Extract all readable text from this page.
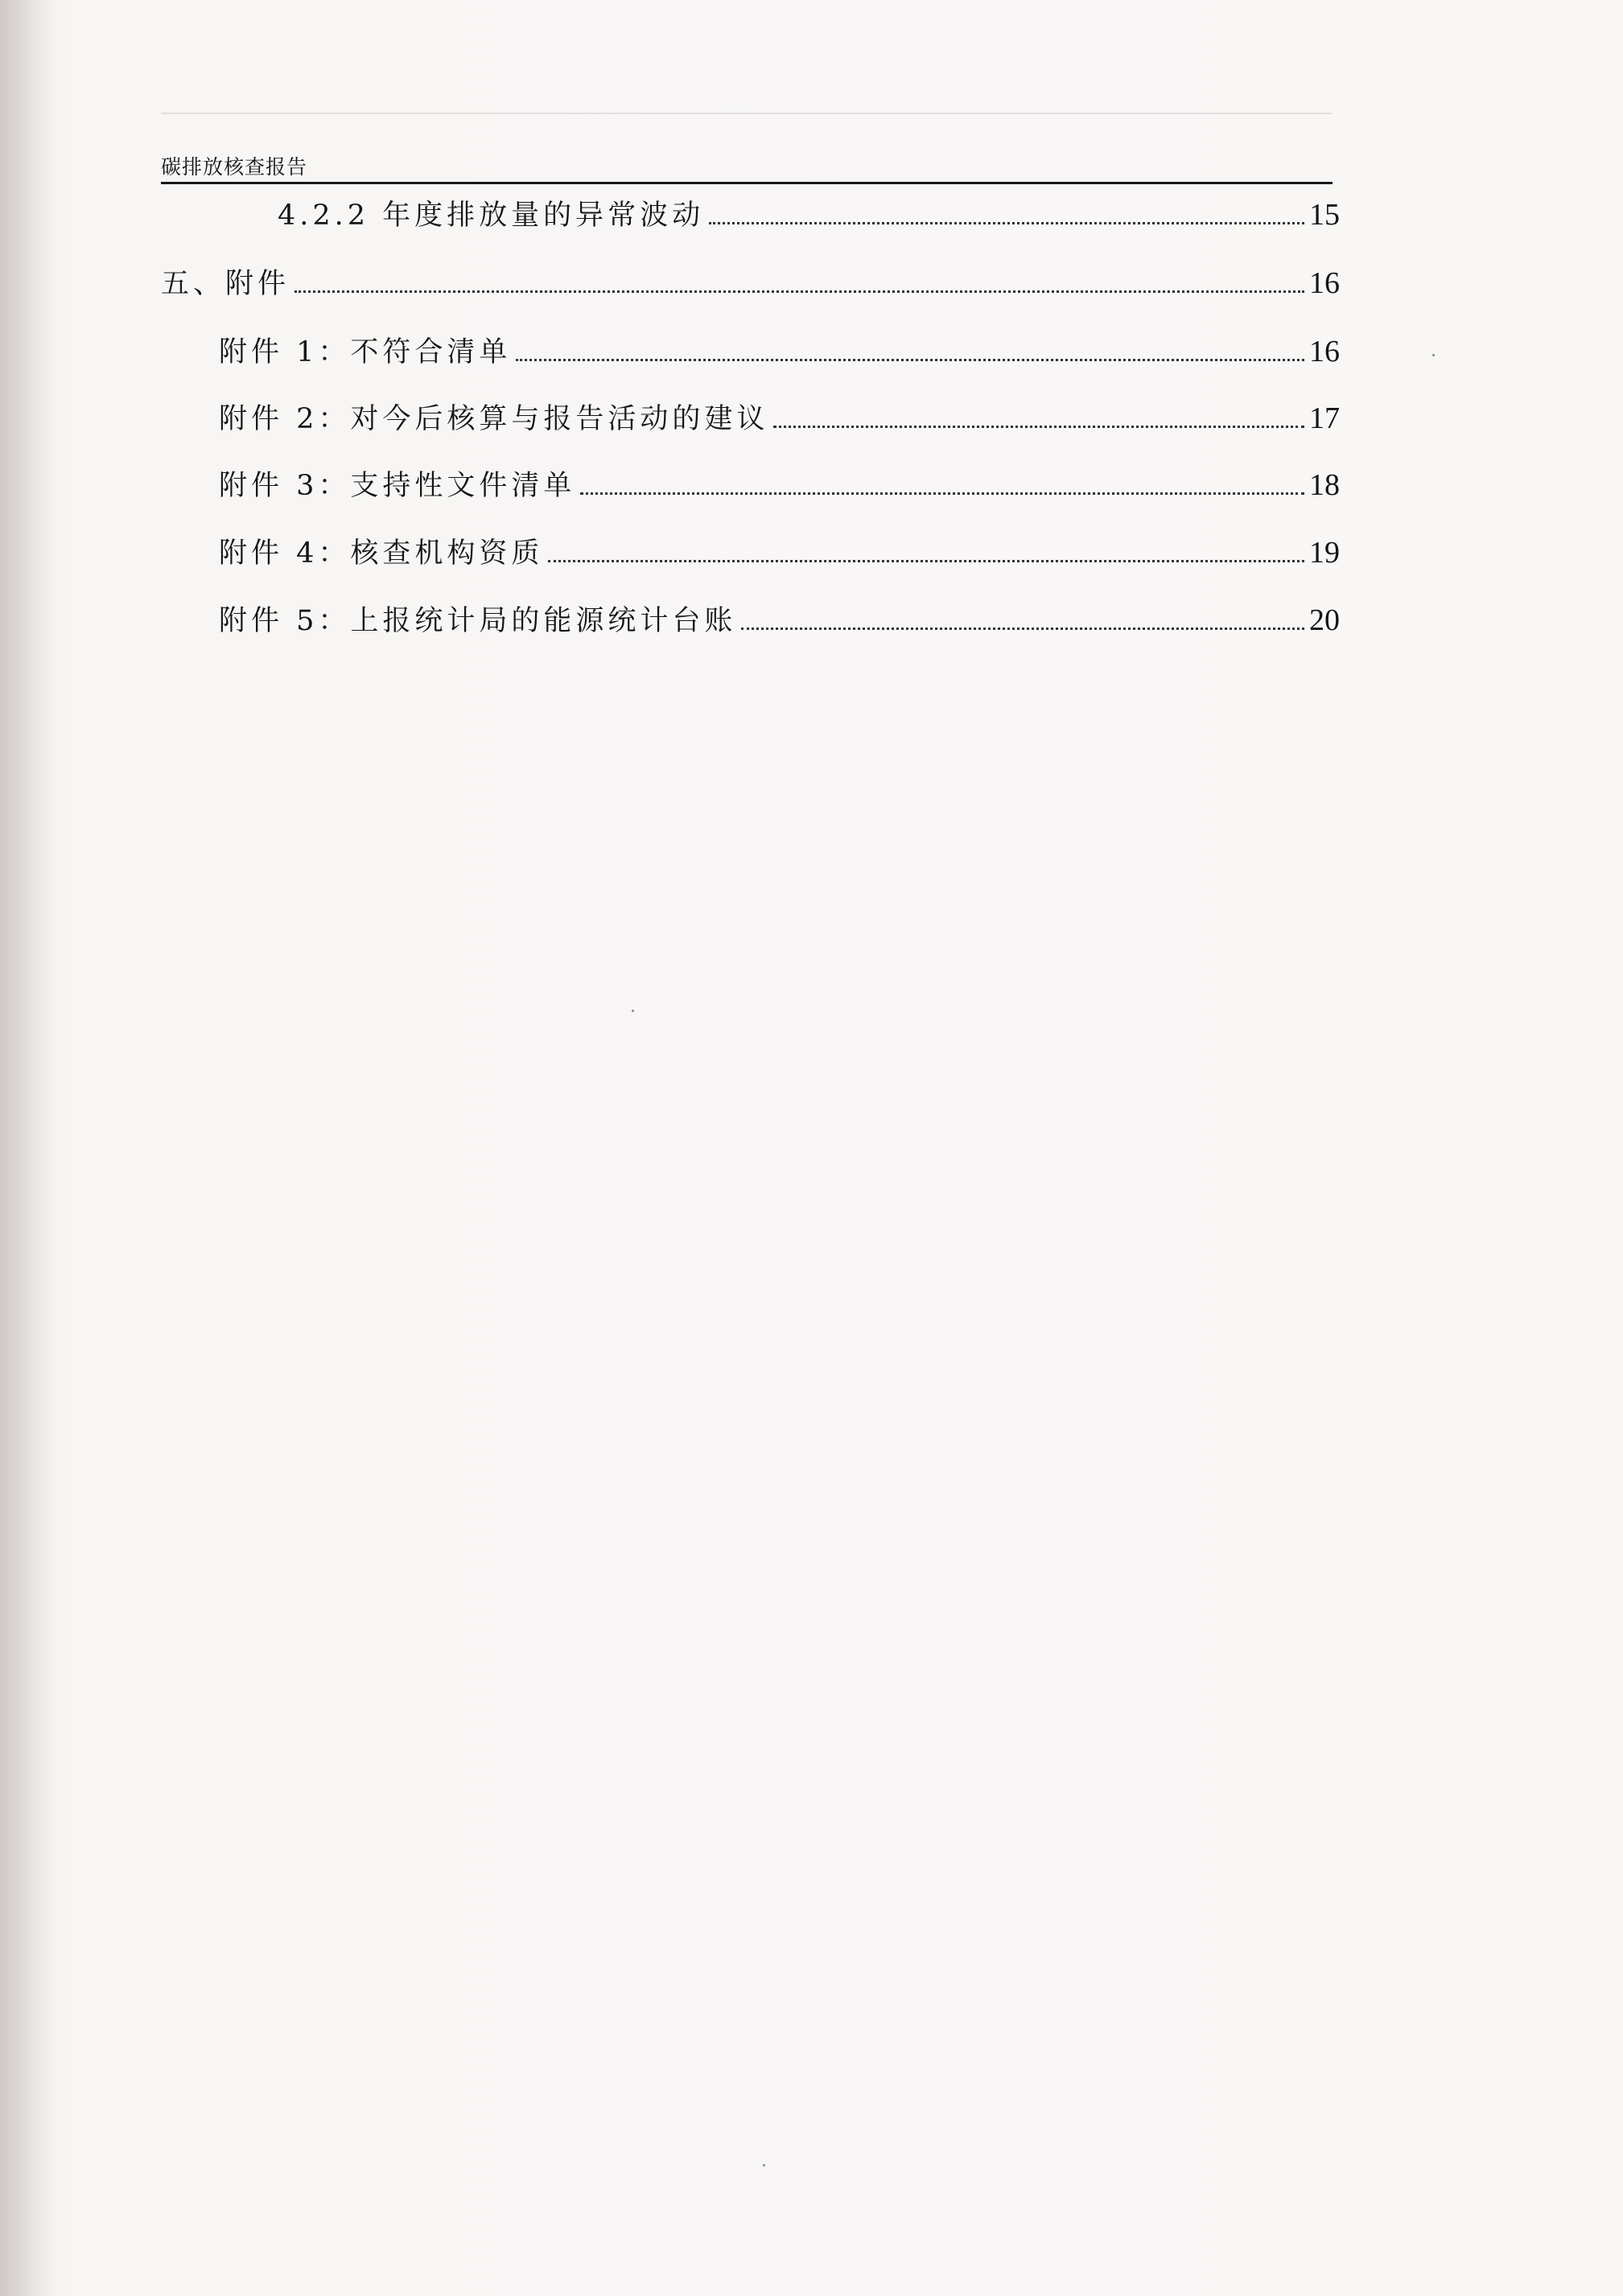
碳排放核查报告
4.2.2 年度排放量的异常波动	15
五、附件	16
附件 1：不符合清单	16
附件 2：对今后核算与报告活动的建议	17
附件 3：支持性文件清单	18
附件 4：核查机构资质	19
附件 5：上报统计局的能源统计台账	20
